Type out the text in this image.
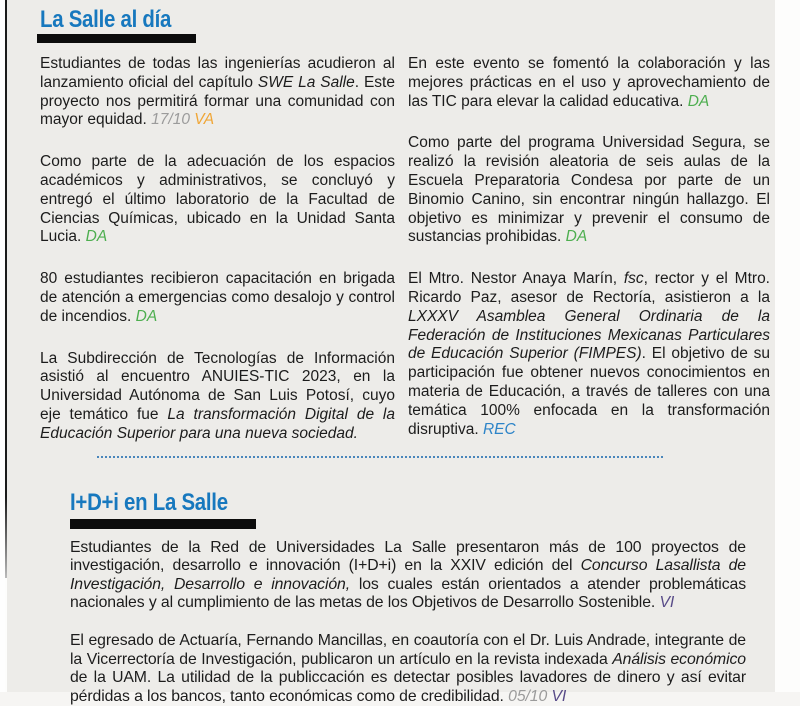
La Salle al día

Estudiantes de todas las ingenierías acudieron al lanzamiento oficial del capítulo SWE La Salle. Este proyecto nos permitirá formar una comunidad con mayor equidad. 17/10 VA

Como parte de la adecuación de los espacios académicos y administrativos, se concluyó y entregó el último laboratorio de la Facultad de Ciencias Químicas, ubicado en la Unidad Santa Lucia. DA

80 estudiantes recibieron capacitación en brigada de atención a emergencias como desalojo y control de incendios. DA

La Subdirección de Tecnologías de Información asistió al encuentro ANUIES-TIC 2023, en la Universidad Autónoma de San Luis Potosí, cuyo eje temático fue La transformación Digital de la Educación Superior para una nueva sociedad.

En este evento se fomentó la colaboración y las mejores prácticas en el uso y aprovechamiento de las TIC para elevar la calidad educativa. DA

Como parte del programa Universidad Segura, se realizó la revisión aleatoria de seis aulas de la Escuela Preparatoria Condesa por parte de un Binomio Canino, sin encontrar ningún hallazgo. El objetivo es minimizar y prevenir el consumo de sustancias prohibidas. DA

El Mtro. Nestor Anaya Marín, fsc, rector y el Mtro. Ricardo Paz, asesor de Rectoría, asistieron a la LXXXV Asamblea General Ordinaria de la Federación de Instituciones Mexicanas Particulares de Educación Superior (FIMPES). El objetivo de su participación fue obtener nuevos conocimientos en materia de Educación, a través de talleres con una temática 100% enfocada en la transformación disruptiva. REC

I+D+i en La Salle

Estudiantes de la Red de Universidades La Salle presentaron más de 100 proyectos de investigación, desarrollo e innovación (I+D+i) en la XXIV edición del Concurso Lasallista de Investigación, Desarrollo e innovación, los cuales están orientados a atender problemáticas nacionales y al cumplimiento de las metas de los Objetivos de Desarrollo Sostenible. VI

El egresado de Actuaría, Fernando Mancillas, en coautoría con el Dr. Luis Andrade, integrante de la Vicerrectoría de Investigación, publicaron un artículo en la revista indexada Análisis económico de la UAM. La utilidad de la publiccación es detectar posibles lavadores de dinero y así evitar pérdidas a los bancos, tanto económicas como de credibilidad. 05/10 VI
